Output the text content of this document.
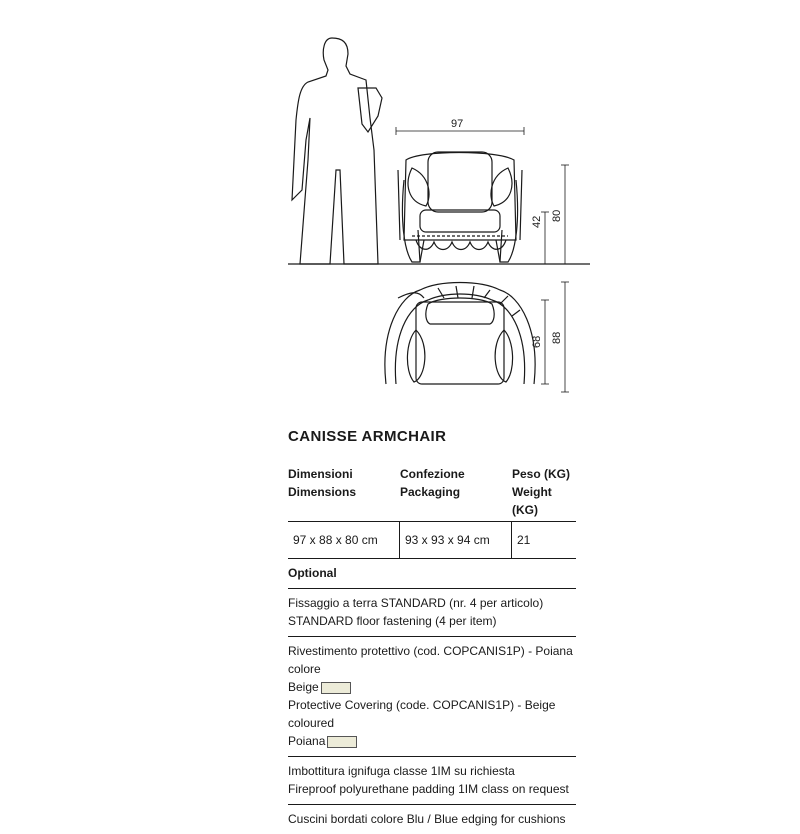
97
42 80
68 88
CANISSE ARMCHAIR
Dimensioni
Dimensions
Confezione
Packaging
Peso (KG)
Weight (KG)
97 x 88 x 80 cm	93 x 93 x 94 cm	21
Optional
Fissaggio a terra STANDARD (nr. 4 per articolo)
STANDARD floor fastening (4 per item)
Rivestimento protettivo (cod. COPCANIS1P) - Poiana colore
Beige
Protective Covering (code. COPCANIS1P) - Beige coloured
Poiana
Imbottitura ignifuga classe 1IM su richiesta
Fireproof polyurethane padding 1IM class on request
Cuscini bordati colore Blu / Blue edging for cushions
